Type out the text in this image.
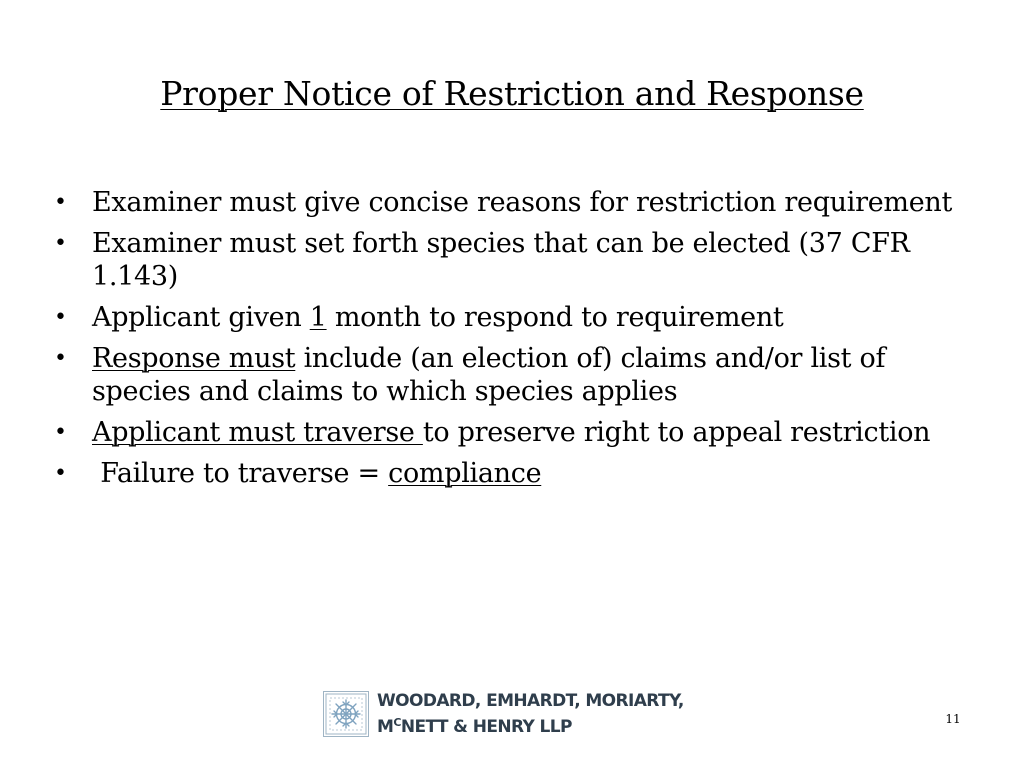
Proper Notice of Restriction and Response
• Examiner must give concise reasons for restriction requirement
• Examiner must set forth species that can be elected (37 CFR 1.143)
• Applicant given 1 month to respond to requirement
• Response must include (an election of) claims and/or list of species and claims to which species applies
• Applicant must traverse to preserve right to appeal restriction
• Failure to traverse = compliance
WOODARD, EMHARDT, MORIARTY,
$M^CNETT$ & HENRY LLP	11
